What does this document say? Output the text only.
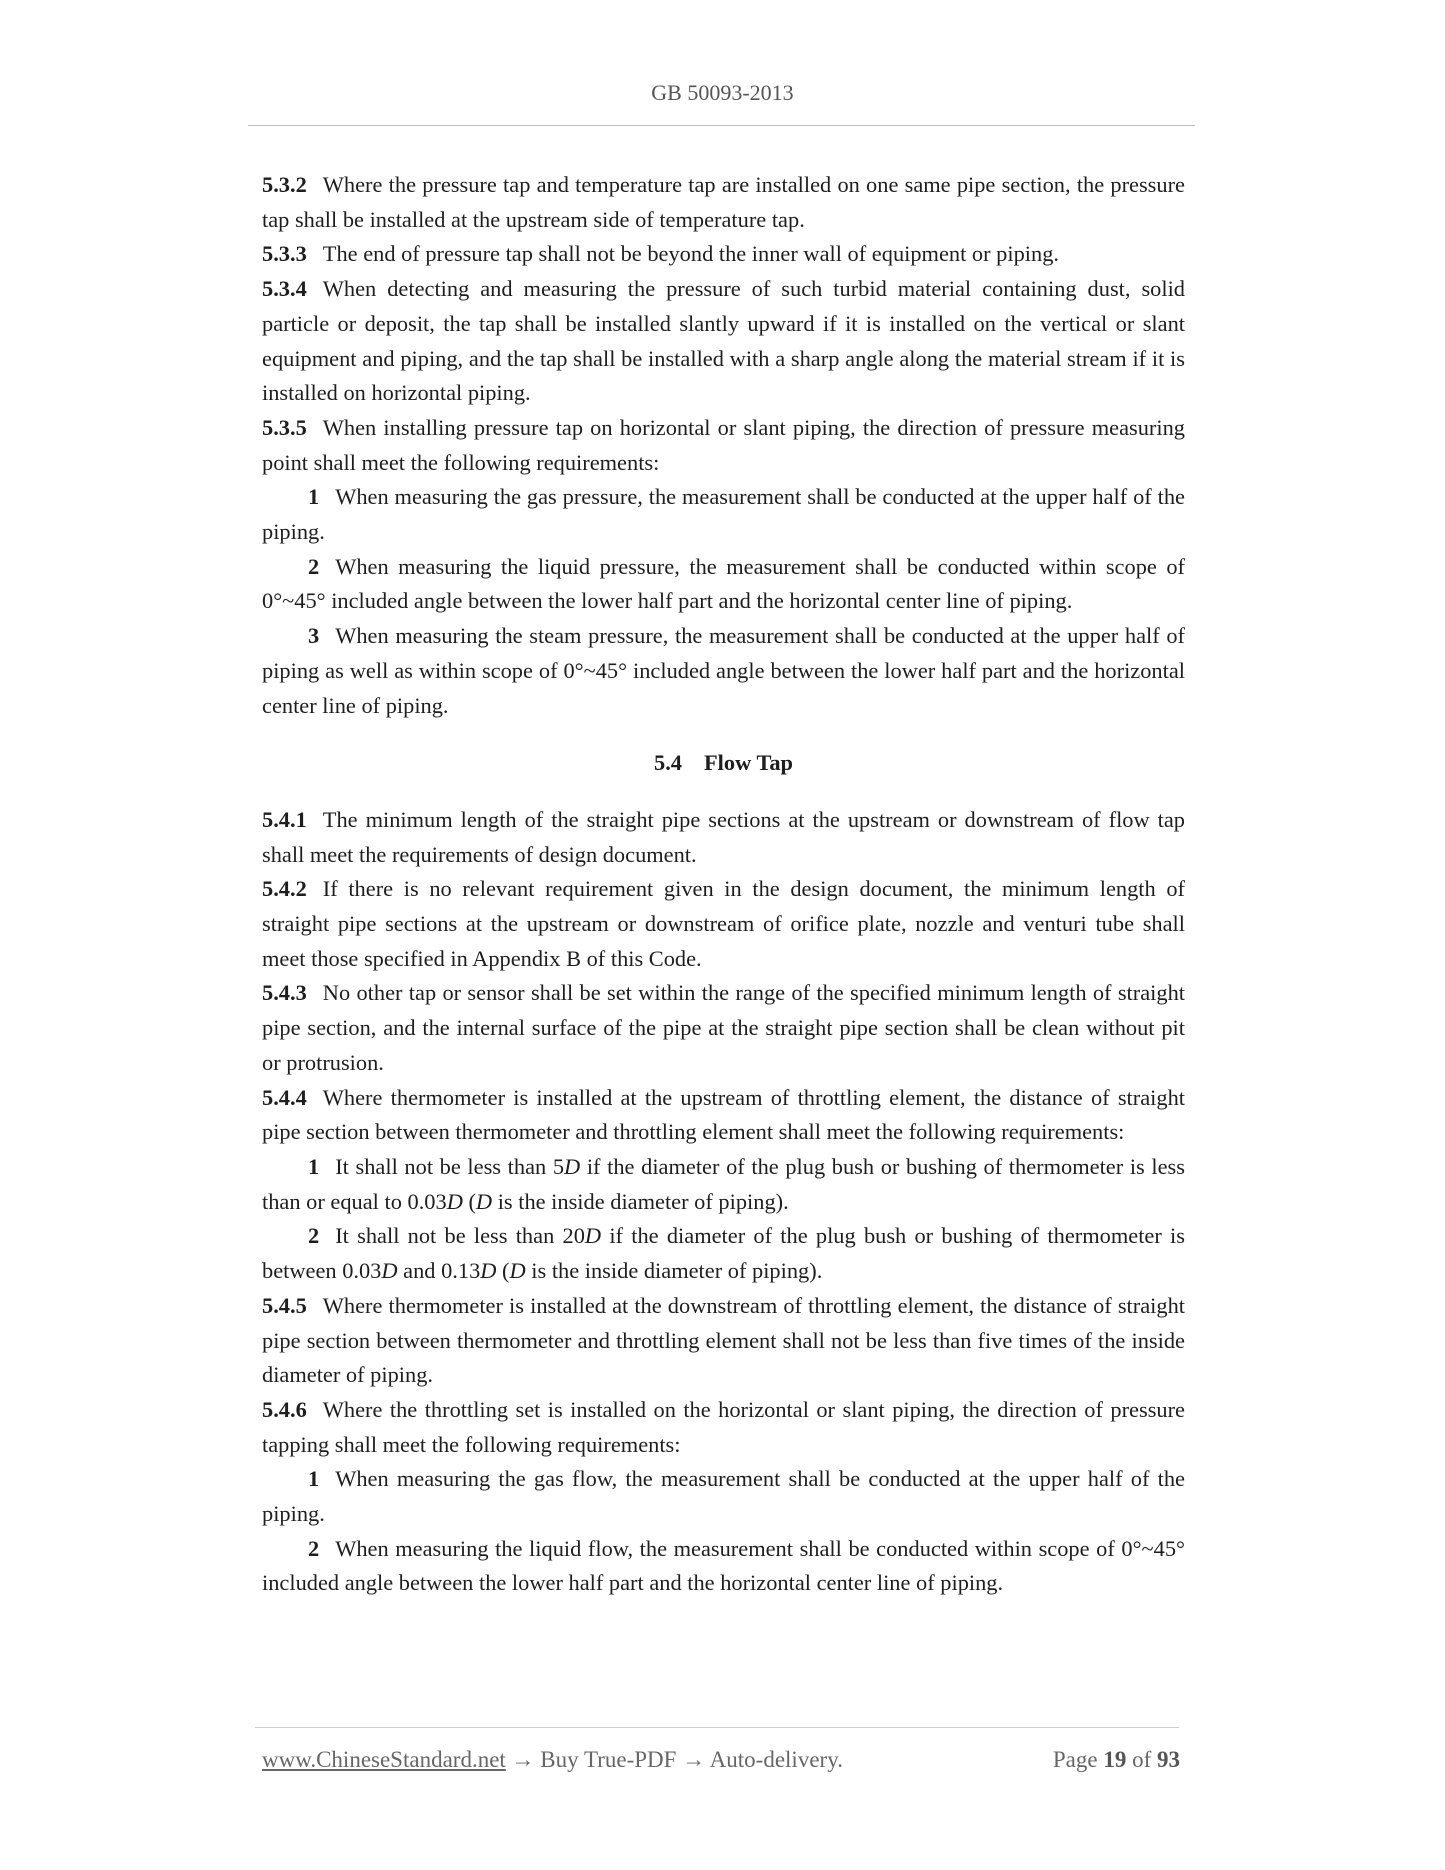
GB 50093-2013

5.3.2 Where the pressure tap and temperature tap are installed on one same pipe section, the pressure tap shall be installed at the upstream side of temperature tap.

5.3.3 The end of pressure tap shall not be beyond the inner wall of equipment or piping.

5.3.4 When detecting and measuring the pressure of such turbid material containing dust, solid particle or deposit, the tap shall be installed slantly upward if it is installed on the vertical or slant equipment and piping, and the tap shall be installed with a sharp angle along the material stream if it is installed on horizontal piping.

5.3.5 When installing pressure tap on horizontal or slant piping, the direction of pressure measuring point shall meet the following requirements:

1 When measuring the gas pressure, the measurement shall be conducted at the upper half of the piping.

2 When measuring the liquid pressure, the measurement shall be conducted within scope of 0°~45° included angle between the lower half part and the horizontal center line of piping.

3 When measuring the steam pressure, the measurement shall be conducted at the upper half of piping as well as within scope of 0°~45° included angle between the lower half part and the horizontal center line of piping.

5.4 Flow Tap

5.4.1 The minimum length of the straight pipe sections at the upstream or downstream of flow tap shall meet the requirements of design document.

5.4.2 If there is no relevant requirement given in the design document, the minimum length of straight pipe sections at the upstream or downstream of orifice plate, nozzle and venturi tube shall meet those specified in Appendix B of this Code.

5.4.3 No other tap or sensor shall be set within the range of the specified minimum length of straight pipe section, and the internal surface of the pipe at the straight pipe section shall be clean without pit or protrusion.

5.4.4 Where thermometer is installed at the upstream of throttling element, the distance of straight pipe section between thermometer and throttling element shall meet the following requirements:

1 It shall not be less than 5D if the diameter of the plug bush or bushing of thermometer is less than or equal to 0.03D (D is the inside diameter of piping).

2 It shall not be less than 20D if the diameter of the plug bush or bushing of thermometer is between 0.03D and 0.13D (D is the inside diameter of piping).

5.4.5 Where thermometer is installed at the downstream of throttling element, the distance of straight pipe section between thermometer and throttling element shall not be less than five times of the inside diameter of piping.

5.4.6 Where the throttling set is installed on the horizontal or slant piping, the direction of pressure tapping shall meet the following requirements:

1 When measuring the gas flow, the measurement shall be conducted at the upper half of the piping.

2 When measuring the liquid flow, the measurement shall be conducted within scope of 0°~45° included angle between the lower half part and the horizontal center line of piping.

www.ChineseStandard.net → Buy True-PDF → Auto-delivery.	Page 19 of 93
